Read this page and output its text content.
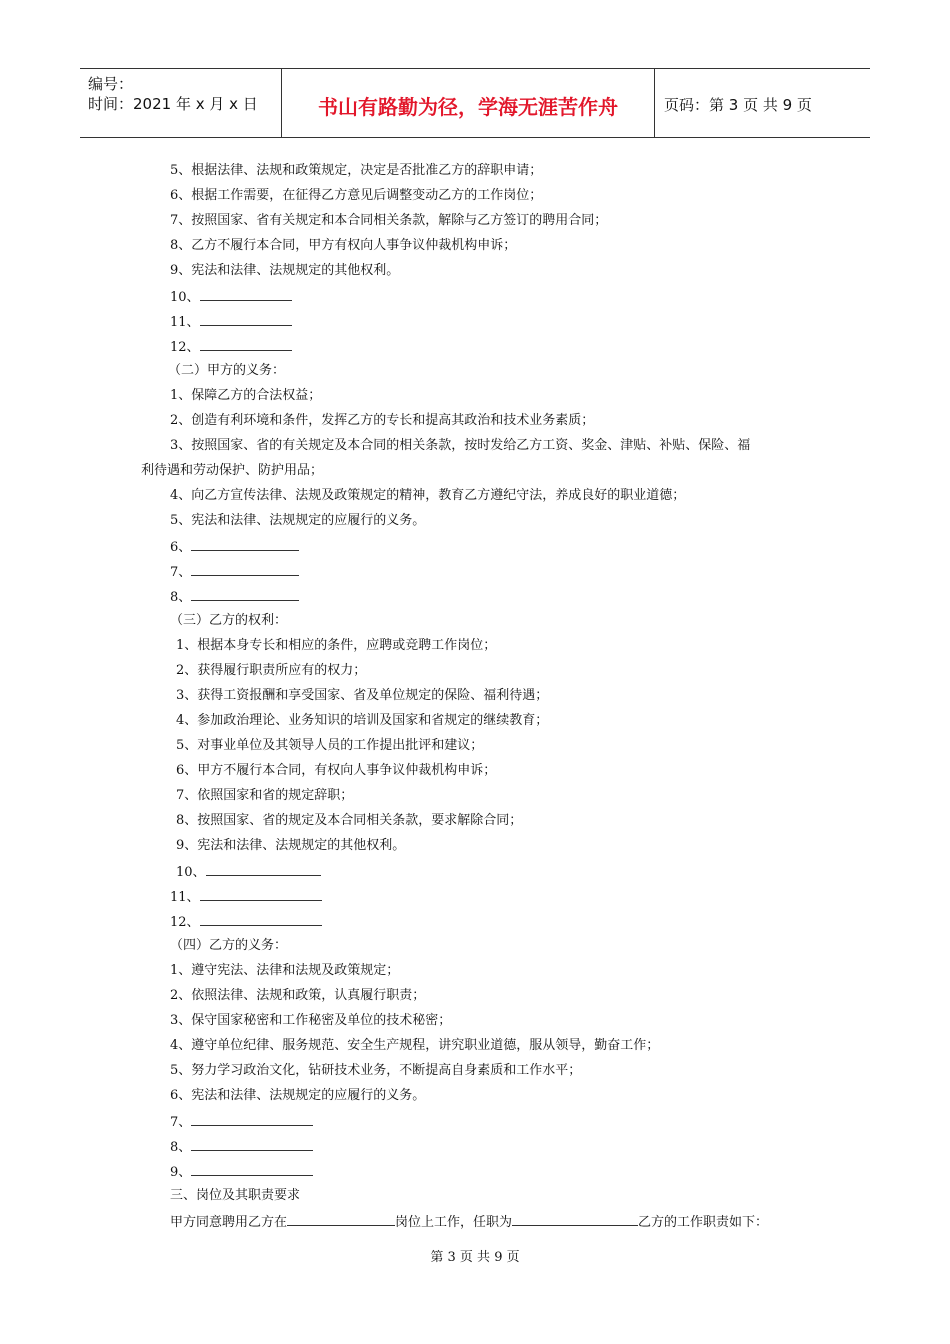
编号：
时间：2021 年 x 月 x 日	书山有路勤为径，学海无涯苦作舟	页码：第 3 页 共 9 页
5、根据法律、法规和政策规定，决定是否批准乙方的辞职申请；
6、根据工作需要，在征得乙方意见后调整变动乙方的工作岗位；
7、按照国家、省有关规定和本合同相关条款，解除与乙方签订的聘用合同；
8、乙方不履行本合同，甲方有权向人事争议仲裁机构申诉；
9、宪法和法律、法规规定的其他权利。
10、
11、
12、
（二）甲方的义务：
1、保障乙方的合法权益；
2、创造有利环境和条件，发挥乙方的专长和提高其政治和技术业务素质；
3、按照国家、省的有关规定及本合同的相关条款，按时发给乙方工资、奖金、津贴、补贴、保险、福
利待遇和劳动保护、防护用品；
4、向乙方宣传法律、法规及政策规定的精神，教育乙方遵纪守法，养成良好的职业道德；
5、宪法和法律、法规规定的应履行的义务。
6、
7、
8、
（三）乙方的权利：
1、根据本身专长和相应的条件，应聘或竞聘工作岗位；
2、获得履行职责所应有的权力；
3、获得工资报酬和享受国家、省及单位规定的保险、福利待遇；
4、参加政治理论、业务知识的培训及国家和省规定的继续教育；
5、对事业单位及其领导人员的工作提出批评和建议；
6、甲方不履行本合同，有权向人事争议仲裁机构申诉；
7、依照国家和省的规定辞职；
8、按照国家、省的规定及本合同相关条款，要求解除合同；
9、宪法和法律、法规规定的其他权利。
10、
11、
12、
（四）乙方的义务：
1、遵守宪法、法律和法规及政策规定；
2、依照法律、法规和政策，认真履行职责；
3、保守国家秘密和工作秘密及单位的技术秘密；
4、遵守单位纪律、服务规范、安全生产规程，讲究职业道德，服从领导，勤奋工作；
5、努力学习政治文化，钻研技术业务，不断提高自身素质和工作水平；
6、宪法和法律、法规规定的应履行的义务。
7、
8、
9、
三、岗位及其职责要求
甲方同意聘用乙方在	岗位上工作，任职为	乙方的工作职责如下：
第 3 页 共 9 页
